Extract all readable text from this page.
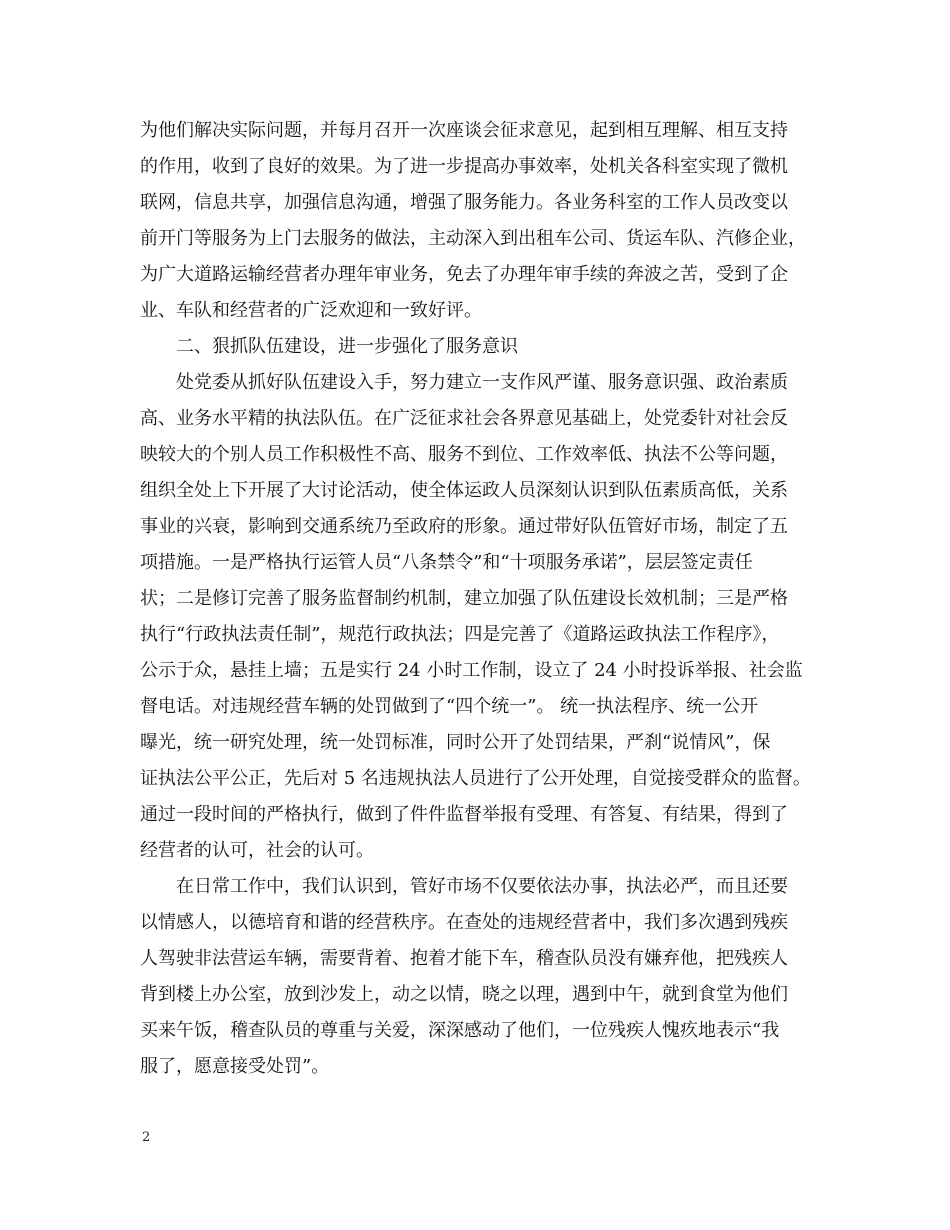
为他们解决实际问题，并每月召开一次座谈会征求意见，起到相互理解、相互支持
的作用，收到了良好的效果。为了进一步提高办事效率，处机关各科室实现了微机
联网，信息共享，加强信息沟通，增强了服务能力。各业务科室的工作人员改变以
前开门等服务为上门去服务的做法，主动深入到出租车公司、货运车队、汽修企业，
为广大道路运输经营者办理年审业务，免去了办理年审手续的奔波之苦，受到了企
业、车队和经营者的广泛欢迎和一致好评。
二、狠抓队伍建设，进一步强化了服务意识
处党委从抓好队伍建设入手，努力建立一支作风严谨、服务意识强、政治素质
高、业务水平精的执法队伍。在广泛征求社会各界意见基础上，处党委针对社会反
映较大的个别人员工作积极性不高、服务不到位、工作效率低、执法不公等问题，
组织全处上下开展了大讨论活动，使全体运政人员深刻认识到队伍素质高低，关系
事业的兴衰，影响到交通系统乃至政府的形象。通过带好队伍管好市场，制定了五
项措施。一是严格执行运管人员“八条禁令”和“十项服务承诺”，层层签定责任
状；二是修订完善了服务监督制约机制，建立加强了队伍建设长效机制；三是严格
执行“行政执法责任制”，规范行政执法；四是完善了《道路运政执法工作程序》，
公示于众，悬挂上墙；五是实行 24 小时工作制，设立了 24 小时投诉举报、社会监
督电话。对违规经营车辆的处罚做到了“四个统一”。 统一执法程序、统一公开
曝光，统一研究处理，统一处罚标准，同时公开了处罚结果，严刹“说情风”，保
证执法公平公正，先后对 5 名违规执法人员进行了公开处理，自觉接受群众的监督。
通过一段时间的严格执行，做到了件件监督举报有受理、有答复、有结果，得到了
经营者的认可，社会的认可。
在日常工作中，我们认识到，管好市场不仅要依法办事，执法必严，而且还要
以情感人，以德培育和谐的经营秩序。在查处的违规经营者中，我们多次遇到残疾
人驾驶非法营运车辆，需要背着、抱着才能下车，稽查队员没有嫌弃他，把残疾人
背到楼上办公室，放到沙发上，动之以情，晓之以理，遇到中午，就到食堂为他们
买来午饭，稽查队员的尊重与关爱，深深感动了他们，一位残疾人愧疚地表示“我
服了，愿意接受处罚”。
2
